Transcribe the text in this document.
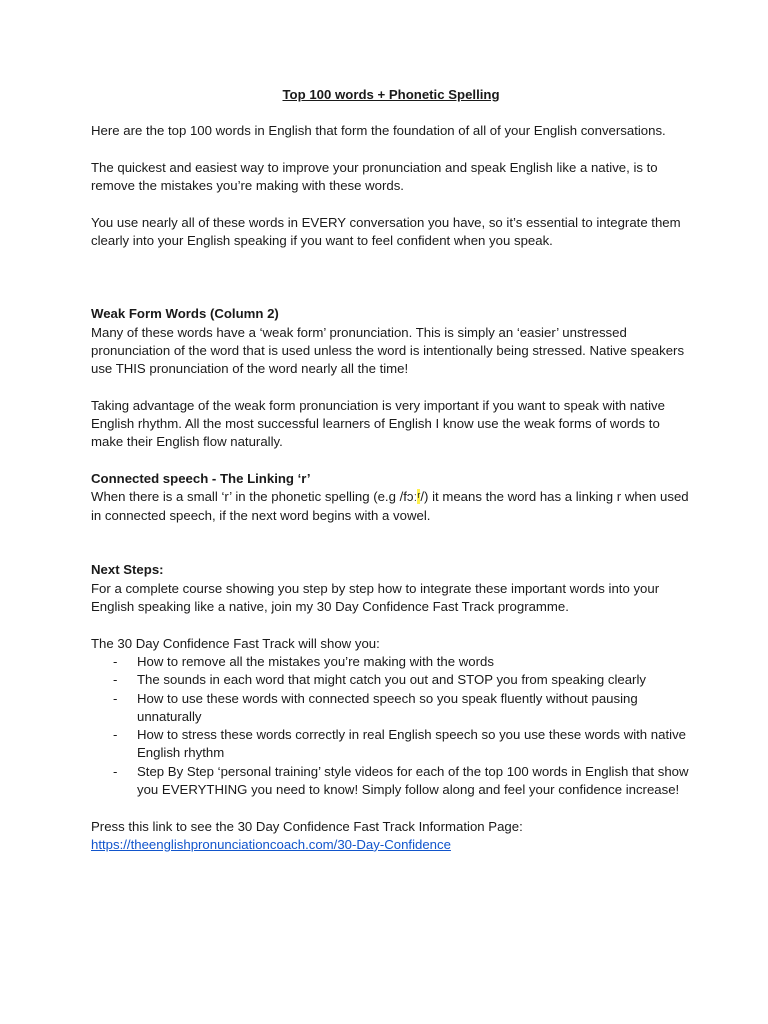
Top 100 words + Phonetic Spelling

Here are the top 100 words in English that form the foundation of all of your English conversations.

The quickest and easiest way to improve your pronunciation and speak English like a native, is to remove the mistakes you’re making with these words.

You use nearly all of these words in EVERY conversation you have, so it’s essential to integrate them clearly into your English speaking if you want to feel confident when you speak.

Weak Form Words (Column 2)

Many of these words have a ‘weak form’ pronunciation. This is simply an ‘easier’ unstressed pronunciation of the word that is used unless the word is intentionally being stressed. Native speakers use THIS pronunciation of the word nearly all the time!

Taking advantage of the weak form pronunciation is very important if you want to speak with native English rhythm. All the most successful learners of English I know use the weak forms of words to make their English flow naturally.

Connected speech - The Linking ‘r’

When there is a small ‘r’ in the phonetic spelling (e.g /fɔːʳ/) it means the word has a linking r when used in connected speech, if the next word begins with a vowel.

Next Steps:

For a complete course showing you step by step how to integrate these important words into your English speaking like a native, join my 30 Day Confidence Fast Track programme.

The 30 Day Confidence Fast Track will show you:
- How to remove all the mistakes you’re making with the words
- The sounds in each word that might catch you out and STOP you from speaking clearly
- How to use these words with connected speech so you speak fluently without pausing unnaturally
- How to stress these words correctly in real English speech so you use these words with native English rhythm
- Step By Step ‘personal training’ style videos for each of the top 100 words in English that show you EVERYTHING you need to know! Simply follow along and feel your confidence increase!
Press this link to see the 30 Day Confidence Fast Track Information Page:
https://theenglishpronunciationcoach.com/30-Day-Confidence
